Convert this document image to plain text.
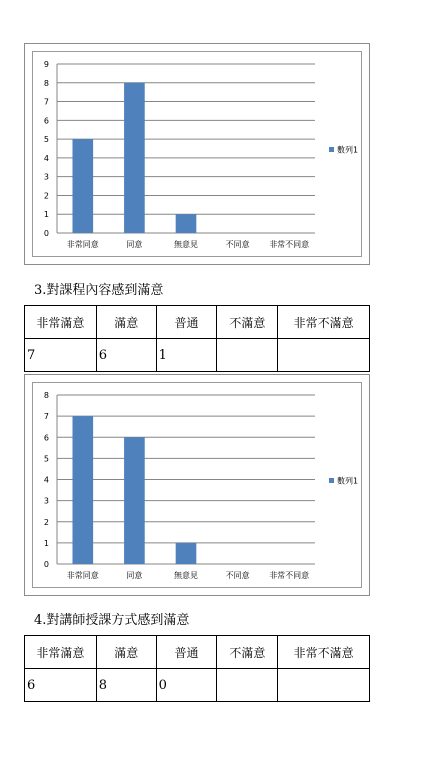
0
1
2
3
4
5
6
7
8
9
非常同意	同意	無意見	不同意 非常不同意
數列1
3.對課程內容感到滿意
非常滿意	滿意	普通	不滿意	非常不滿意
7	6	1		
0
1
2
3
4
5
6
7
8
非常同意	同意	無意見	不同意 非常不同意
數列1
4.對講師授課方式感到滿意
非常滿意	滿意	普通	不滿意	非常不滿意
6	8	0		
